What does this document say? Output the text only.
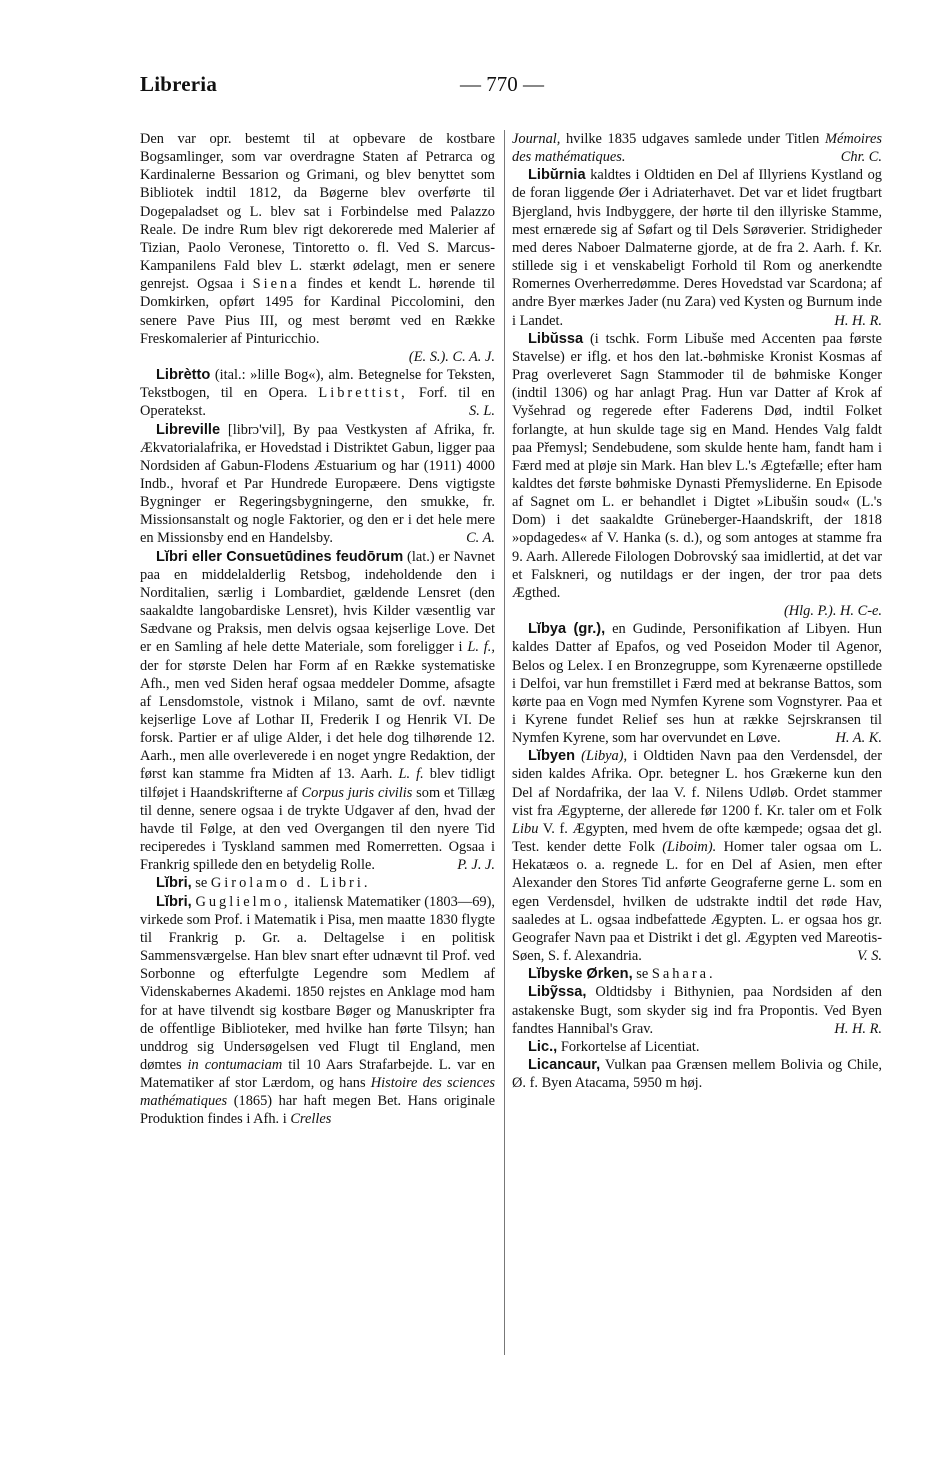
Libreria	— 770 —

Den var opr. bestemt til at opbevare de kostbare Bogsamlinger, som var overdragne Staten af Petrarca og Kardinalerne Bessarion og Grimani, og blev benyttet som Bibliotek indtil 1812, da Bøgerne blev overførte til Dogepaladset og L. blev sat i Forbindelse med Palazzo Reale. De indre Rum blev rigt dekorerede med Malerier af Tizian, Paolo Veronese, Tintoretto o. fl. Ved S. Marcus-Kampanilens Fald blev L. stærkt ødelagt, men er senere genrejst. Ogsaa i Siena findes et kendt L. hørende til Domkirken, opført 1495 for Kardinal Piccolomini, den senere Pave Pius III, og mest berømt ved en Række Freskomalerier af Pinturicchio.
(E. S.). C. A. J.

Librètto (ital.: »lille Bog«), alm. Betegnelse for Teksten, Tekstbogen, til en Opera. Librettist, Forf. til en Operatekst.	S. L.

Libreville [librɔ'vil], By paa Vestkysten af Afrika, fr. Ækvatorialafrika, er Hovedstad i Distriktet Gabun, ligger paa Nordsiden af Gabun-Flodens Æstuarium og har (1911) 4000 Indb., hvoraf et Par Hundrede Europæere. Dens vigtigste Bygninger er Regeringsbygningerne, den smukke, fr. Missionsanstalt og nogle Faktorier, og den er i det hele mere en Missionsby end en Handelsby.	C. A.

Lĭbri eller Consuetūdines feudōrum (lat.) er Navnet paa en middelalderlig Retsbog, indeholdende den i Norditalien, særlig i Lombardiet, gældende Lensret (den saakaldte langobardiske Lensret), hvis Kilder væsentlig var Sædvane og Praksis, men delvis ogsaa kejserlige Love. Det er en Samling af hele dette Materiale, som foreligger i L. f., der for største Delen har Form af en Række systematiske Afh., men ved Siden heraf ogsaa meddeler Domme, afsagte af Lensdomstole, vistnok i Milano, samt de ovf. nævnte kejserlige Love af Lothar II, Frederik I og Henrik VI. De forsk. Partier er af ulige Alder, i det hele dog tilhørende 12. Aarh., men alle overleverede i en noget yngre Redaktion, der først kan stamme fra Midten af 13. Aarh. L. f. blev tidligt tilføjet i Haandskrifterne af Corpus juris civilis som et Tillæg til denne, senere ogsaa i de trykte Udgaver af den, hvad der havde til Følge, at den ved Overgangen til den nyere Tid reciperedes i Tyskland sammen med Romerretten. Ogsaa i Frankrig spillede den en betydelig Rolle.	P. J. J.

Lĭbri, se Girolamo d. Libri.

Lĭbri, Guglielmo, italiensk Matematiker (1803—69), virkede som Prof. i Matematik i Pisa, men maatte 1830 flygte til Frankrig p. Gr. a. Deltagelse i en politisk Sammensværgelse. Han blev snart efter udnævnt til Prof. ved Sorbonne og efterfulgte Legendre som Medlem af Videnskabernes Akademi. 1850 rejstes en Anklage mod ham for at have tilvendt sig kostbare Bøger og Manuskripter fra de offentlige Biblioteker, med hvilke han førte Tilsyn; han unddrog sig Undersøgelsen ved Flugt til England, men dømtes in contumaciam til 10 Aars Strafarbejde. L. var en Matematiker af stor Lærdom, og hans Histoire des sciences mathématiques (1865) har haft megen Bet. Hans originale Produktion findes i Afh. i Crelles

Journal, hvilke 1835 udgaves samlede under Titlen Mémoires des mathématiques.	Chr. C.

Libŭrnia kaldtes i Oldtiden en Del af Illyriens Kystland og de foran liggende Øer i Adriaterhavet. Det var et lidet frugtbart Bjergland, hvis Indbyggere, der hørte til den illyriske Stamme, mest ernærede sig af Søfart og til Dels Sørøverier. Stridigheder med deres Naboer Dalmaterne gjorde, at de fra 2. Aarh. f. Kr. stillede sig i et venskabeligt Forhold til Rom og anerkendte Romernes Overherredømme. Deres Hovedstad var Scardona; af andre Byer mærkes Jader (nu Zara) ved Kysten og Burnum inde i Landet.	H. H. R.

Libŭssa (i tschk. Form Libuše med Accenten paa første Stavelse) er iflg. et hos den lat.-bøhmiske Kronist Kosmas af Prag overleveret Sagn Stammoder til de bøhmiske Konger (indtil 1306) og har anlagt Prag. Hun var Datter af Krok af Vyšehrad og regerede efter Faderens Død, indtil Folket forlangte, at hun skulde tage sig en Mand. Hendes Valg faldt paa Přemysl; Sendebudene, som skulde hente ham, fandt ham i Færd med at pløje sin Mark. Han blev L.'s Ægtefælle; efter ham kaldtes det første bøhmiske Dynasti Přemysliderne. En Episode af Sagnet om L. er behandlet i Digtet »Libušin soud« (L.'s Dom) i det saakaldte Grüneberger-Haandskrift, der 1818 »opdagedes« af V. Hanka (s. d.), og som antoges at stamme fra 9. Aarh. Allerede Filologen Dobrovský saa imidlertid, at det var et Falskneri, og nutildags er der ingen, der tror paa dets Ægthed.
(Hlg. P.). H. C-e.

Lĭbya (gr.), en Gudinde, Personifikation af Libyen. Hun kaldes Datter af Epafos, og ved Poseidon Moder til Agenor, Belos og Lelex. I en Bronzegruppe, som Kyrenæerne opstillede i Delfoi, var hun fremstillet i Færd med at bekranse Battos, som kørte paa en Vogn med Nymfen Kyrene som Vognstyrer. Paa et i Kyrene fundet Relief ses hun at række Sejrskransen til Nymfen Kyrene, som har overvundet en Løve.	H. A. K.

Lĭbyen (Libya), i Oldtiden Navn paa den Verdensdel, der siden kaldes Afrika. Opr. betegner L. hos Grækerne kun den Del af Nordafrika, der laa V. f. Nilens Udløb. Ordet stammer vist fra Ægypterne, der allerede før 1200 f. Kr. taler om et Folk Libu V. f. Ægypten, med hvem de ofte kæmpede; ogsaa det gl. Test. kender dette Folk (Liboim). Homer taler ogsaa om L. Hekatæos o. a. regnede L. for en Del af Asien, men efter Alexander den Stores Tid anførte Geograferne gerne L. som en egen Verdensdel, hvilken de udstrakte indtil det røde Hav, saaledes at L. ogsaa indbefattede Ægypten. L. er ogsaa hos gr. Geografer Navn paa et Distrikt i det gl. Ægypten ved Mareotis-Søen, S. f. Alexandria.	V. S.

Lĭbyske Ørken, se Sahara.

Libỹssa, Oldtidsby i Bithynien, paa Nordsiden af den astakenske Bugt, som skyder sig ind fra Propontis. Ved Byen fandtes Hannibal's Grav.	H. H. R.

Lic., Forkortelse af Licentiat.

Licancaur, Vulkan paa Grænsen mellem Bolivia og Chile, Ø. f. Byen Atacama, 5950 m høj.
